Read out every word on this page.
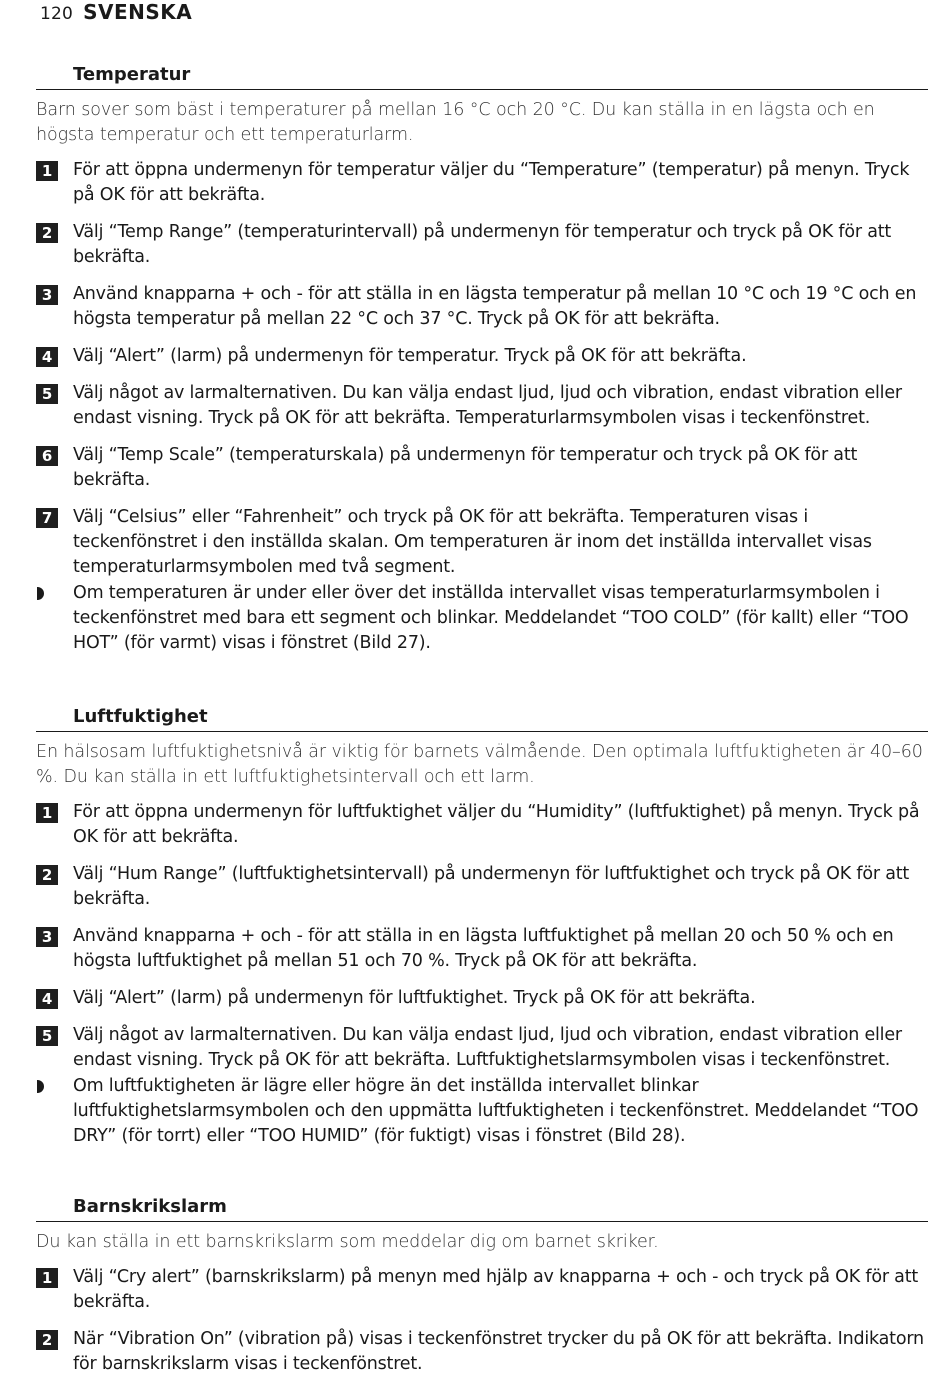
120 SVENSKA
Temperatur
Barn sover som bäst i temperaturer på mellan 16 °C och 20 °C. Du kan ställa in en lägsta och en högsta temperatur och ett temperaturlarm.
1	För att öppna undermenyn för temperatur väljer du “Temperature” (temperatur) på menyn. Tryck på OK för att bekräfta.
2	Välj “Temp Range” (temperaturintervall) på undermenyn för temperatur och tryck på OK för att bekräfta.
3	Använd knapparna + och - för att ställa in en lägsta temperatur på mellan 10 °C och 19 °C och en högsta temperatur på mellan 22 °C och 37 °C. Tryck på OK för att bekräfta.
4	Välj “Alert” (larm) på undermenyn för temperatur. Tryck på OK för att bekräfta.
5	Välj något av larmalternativen. Du kan välja endast ljud, ljud och vibration, endast vibration eller endast visning. Tryck på OK för att bekräfta. Temperaturlarmsymbolen visas i teckenfönstret.
6	Välj “Temp Scale” (temperaturskala) på undermenyn för temperatur och tryck på OK för att bekräfta.
7	Välj “Celsius” eller “Fahrenheit” och tryck på OK för att bekräfta. Temperaturen visas i teckenfönstret i den inställda skalan. Om temperaturen är inom det inställda intervallet visas temperaturlarmsymbolen med två segment.
Om temperaturen är under eller över det inställda intervallet visas temperaturlarmsymbolen i teckenfönstret med bara ett segment och blinkar. Meddelandet “TOO COLD” (för kallt) eller “TOO HOT” (för varmt) visas i fönstret (Bild 27).
Luftfuktighet
En hälsosam luftfuktighetsnivå är viktig för barnets välmående. Den optimala luftfuktigheten är 40–60 %. Du kan ställa in ett luftfuktighetsintervall och ett larm.
1	För att öppna undermenyn för luftfuktighet väljer du “Humidity” (luftfuktighet) på menyn. Tryck på OK för att bekräfta.
2	Välj “Hum Range” (luftfuktighetsintervall) på undermenyn för luftfuktighet och tryck på OK för att bekräfta.
3	Använd knapparna + och - för att ställa in en lägsta luftfuktighet på mellan 20 och 50 % och en högsta luftfuktighet på mellan 51 och 70 %. Tryck på OK för att bekräfta.
4	Välj “Alert” (larm) på undermenyn för luftfuktighet. Tryck på OK för att bekräfta.
5	Välj något av larmalternativen. Du kan välja endast ljud, ljud och vibration, endast vibration eller endast visning. Tryck på OK för att bekräfta. Luftfuktighetslarmsymbolen visas i teckenfönstret.
Om luftfuktigheten är lägre eller högre än det inställda intervallet blinkar luftfuktighetslarmsymbolen och den uppmätta luftfuktigheten i teckenfönstret. Meddelandet “TOO DRY” (för torrt) eller “TOO HUMID” (för fuktigt) visas i fönstret (Bild 28).
Barnskrikslarm
Du kan ställa in ett barnskrikslarm som meddelar dig om barnet skriker.
1	Välj “Cry alert” (barnskrikslarm) på menyn med hjälp av knapparna + och - och tryck på OK för att bekräfta.
2	När “Vibration On” (vibration på) visas i teckenfönstret trycker du på OK för att bekräfta. Indikatorn för barnskrikslarm visas i teckenfönstret.
